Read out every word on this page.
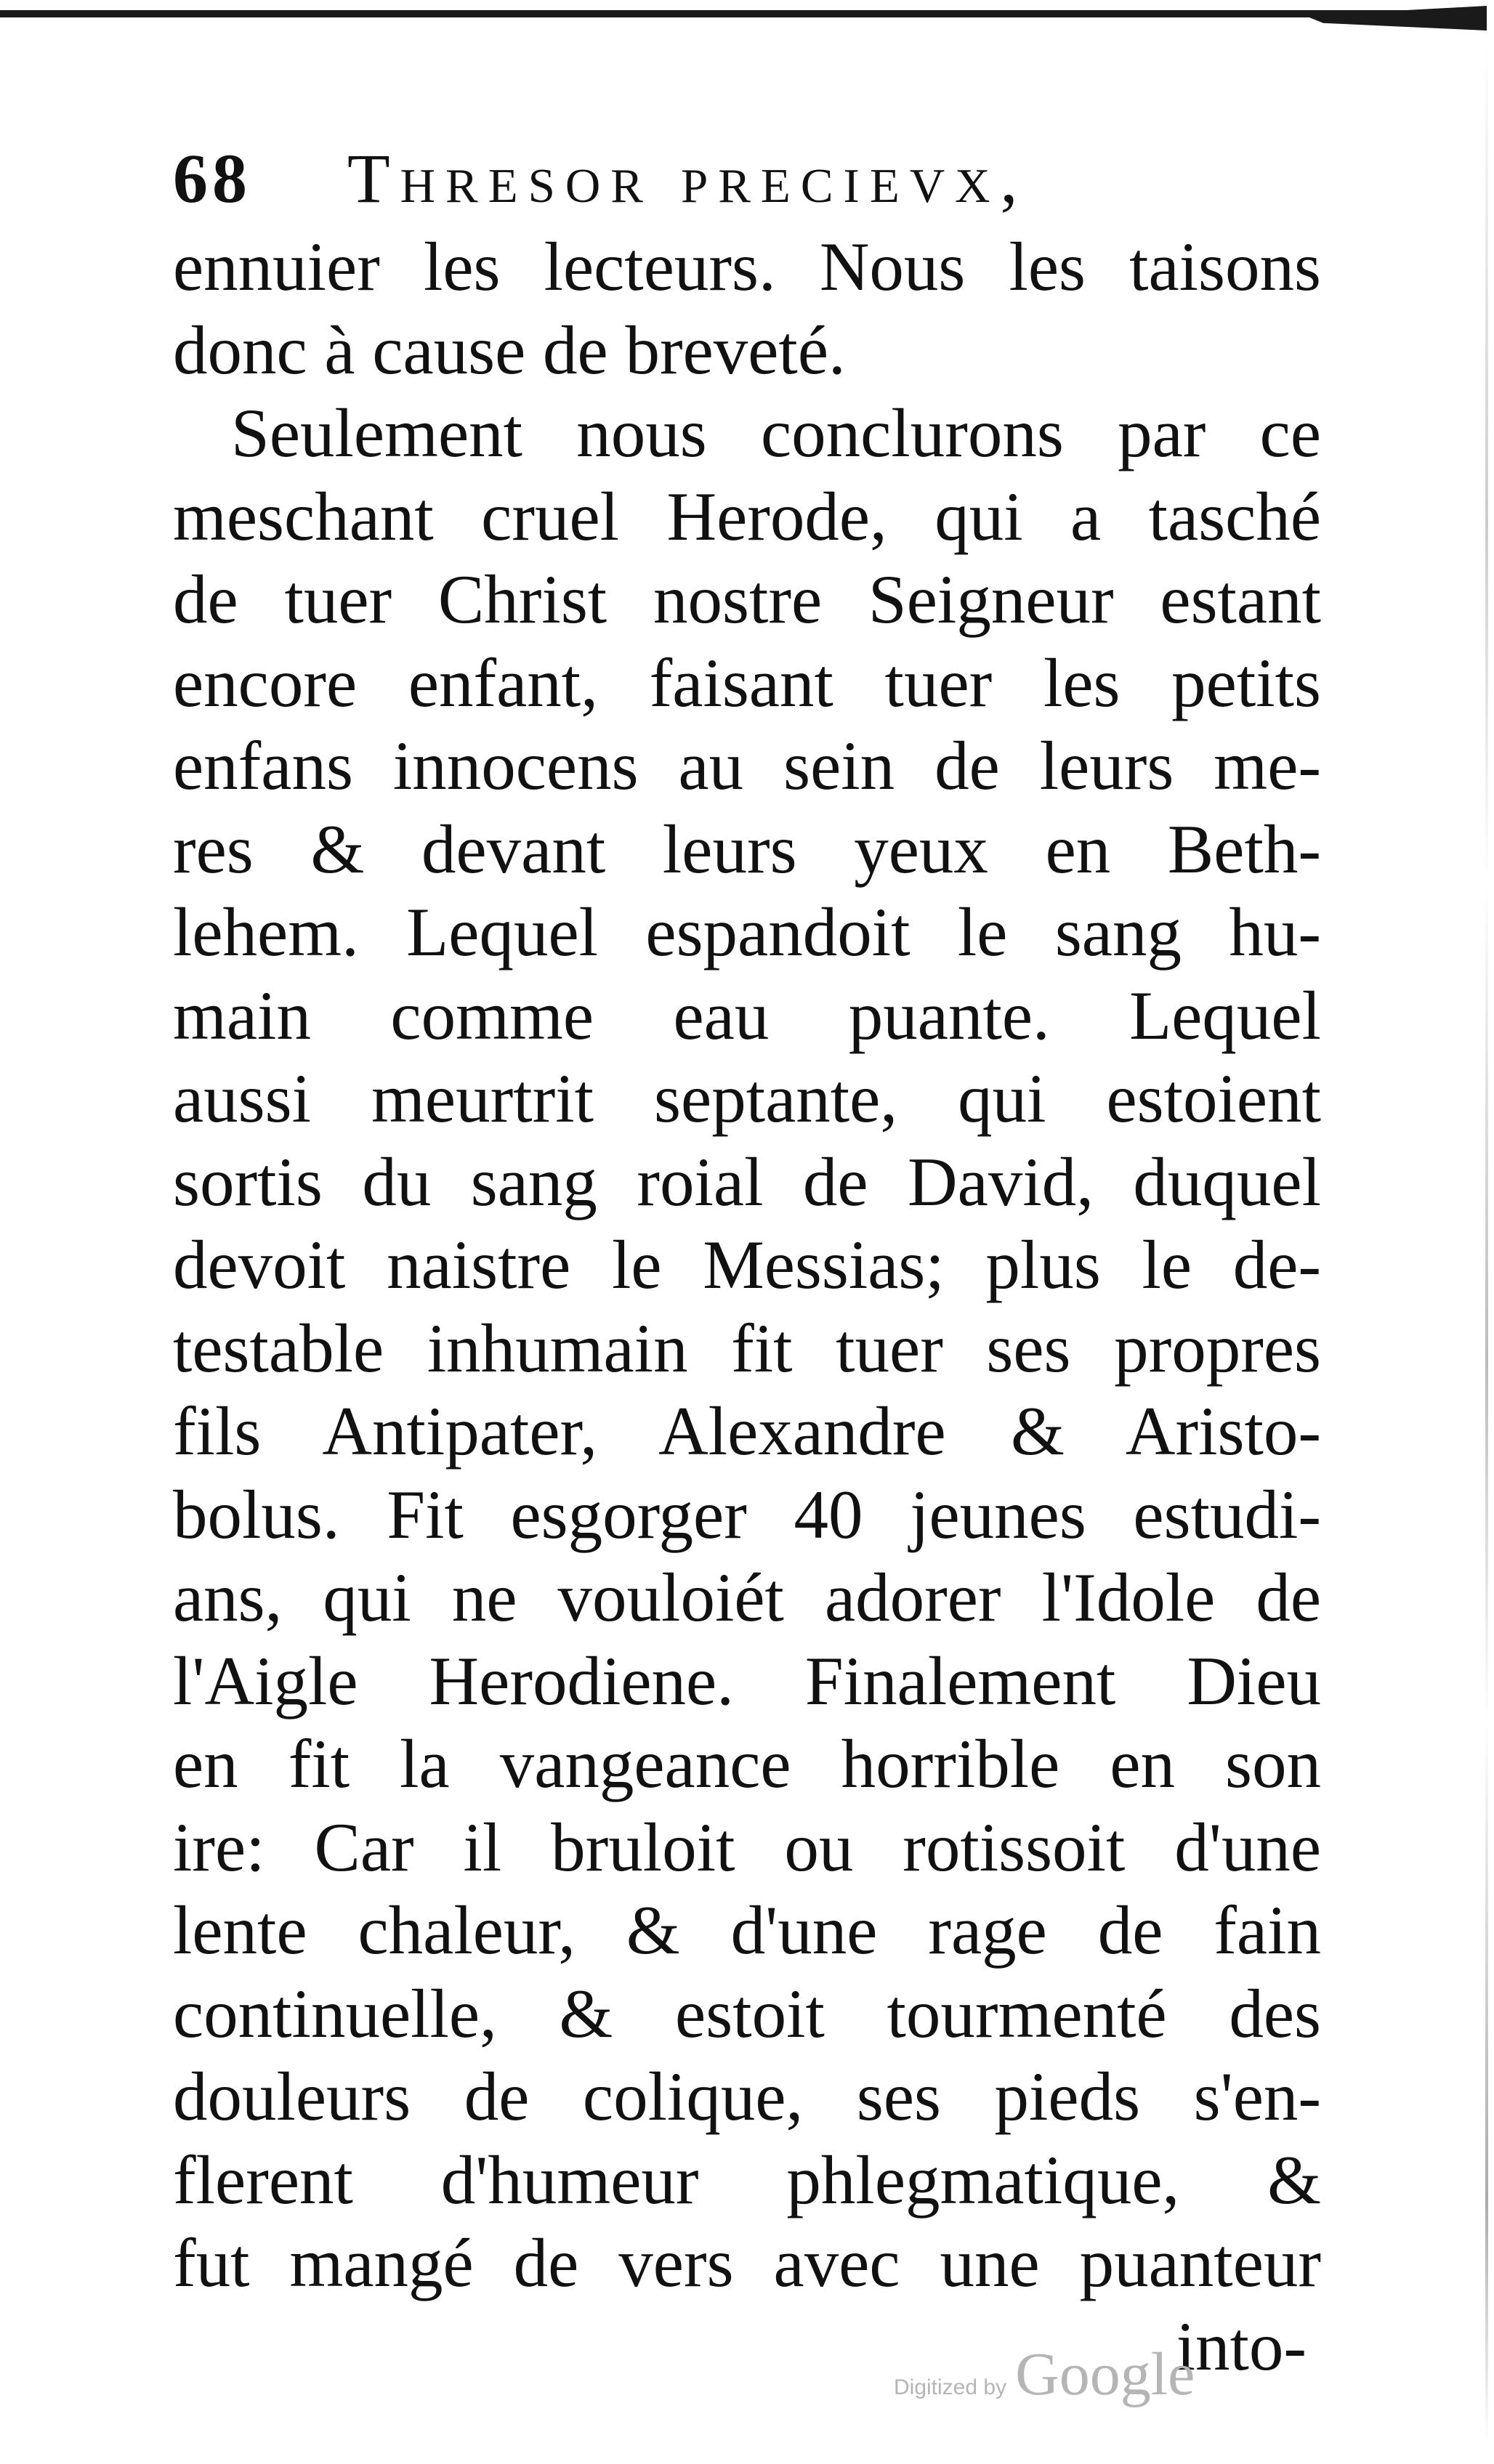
68	Thresor precievx,
ennuier les lecteurs. Nous les taisons
donc à cause de breveté.
Seulement nous conclurons par ce
meschant cruel Herode, qui a tasché
de tuer Christ nostre Seigneur estant
encore enfant, faisant tuer les petits
enfans innocens au sein de leurs me-
res & devant leurs yeux en Beth-
lehem. Lequel espandoit le sang hu-
main comme eau puante. Lequel
aussi meurtrit septante, qui estoient
sortis du sang roial de David, duquel
devoit naistre le Messias; plus le de-
testable inhumain fit tuer ses propres
fils Antipater, Alexandre & Aristo-
bolus. Fit esgorger 40 jeunes estudi-
ans, qui ne vouloiét adorer l'Idole de
l'Aigle Herodiene. Finalement Dieu
en fit la vangeance horrible en son
ire: Car il bruloit ou rotissoit d'une
lente chaleur, & d'une rage de fain
continuelle, & estoit tourmenté des
douleurs de colique, ses pieds s'en-
flerent d'humeur phlegmatique, &
fut mangé de vers avec une puanteur
into-
Digitized by Google
